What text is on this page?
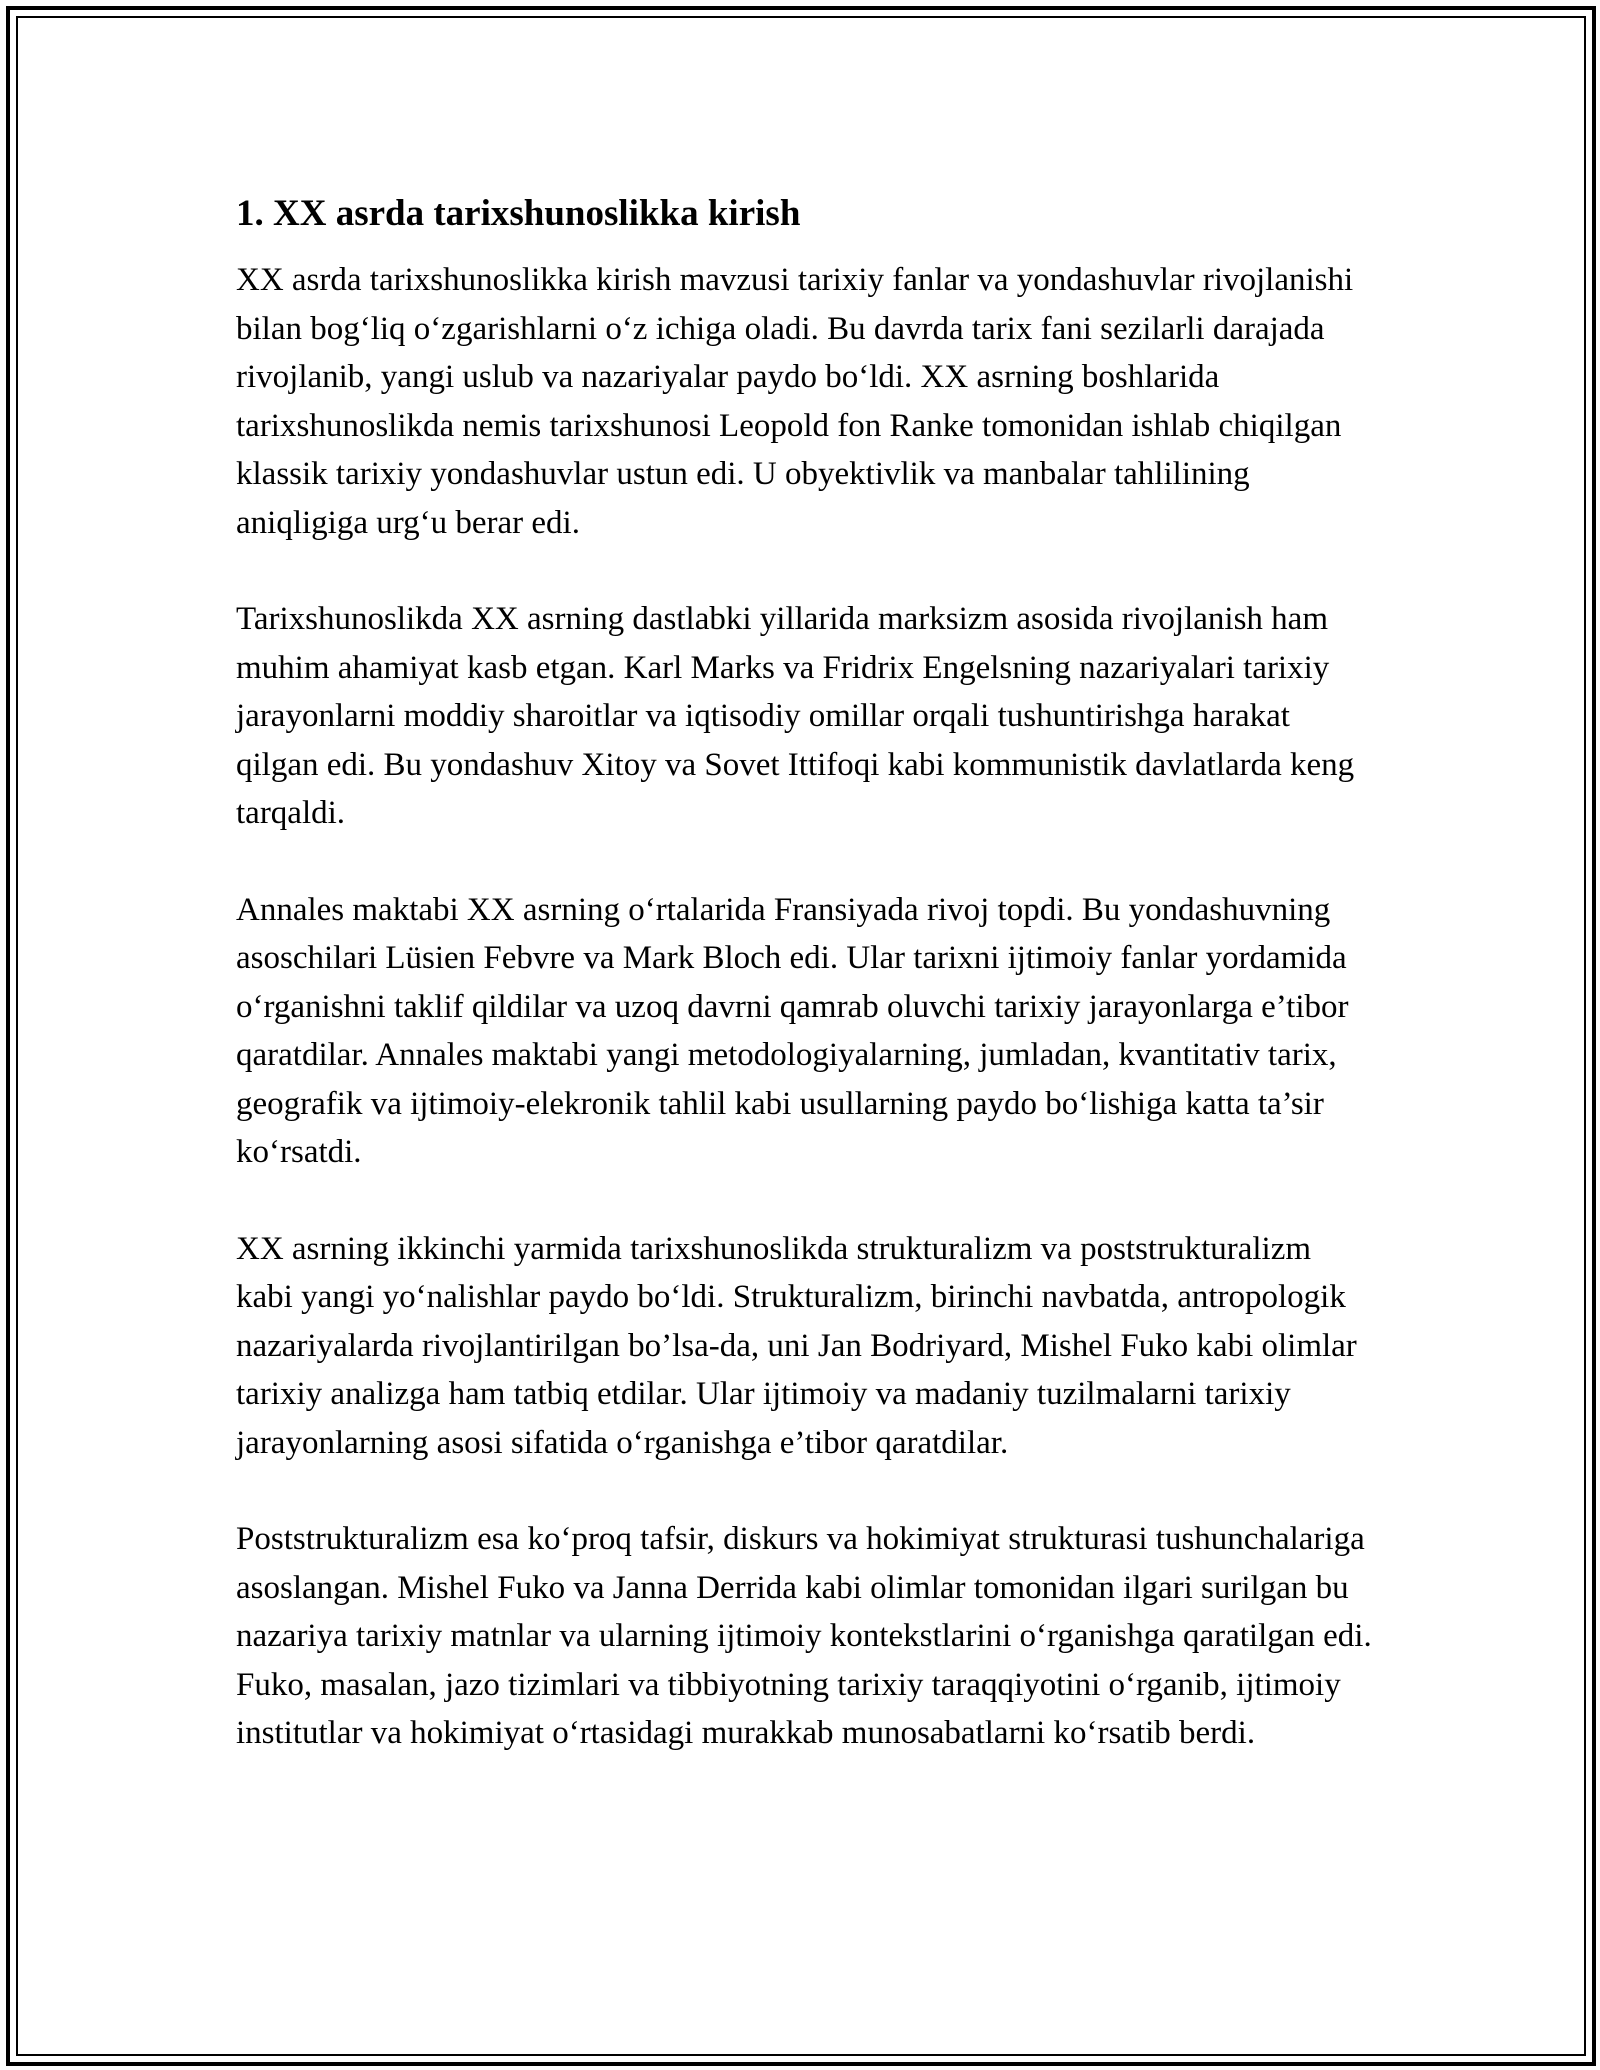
1. XX asrda tarixshunoslikka kirish

XX asrda tarixshunoslikka kirish mavzusi tarixiy fanlar va yondashuvlar rivojlanishi bilan bog‘liq o‘zgarishlarni o‘z ichiga oladi. Bu davrda tarix fani sezilarli darajada rivojlanib, yangi uslub va nazariyalar paydo bo‘ldi. XX asrning boshlarida tarixshunoslikda nemis tarixshunosi Leopold fon Ranke tomonidan ishlab chiqilgan klassik tarixiy yondashuvlar ustun edi. U obyektivlik va manbalar tahlilining aniqligiga urg‘u berar edi.

Tarixshunoslikda XX asrning dastlabki yillarida marksizm asosida rivojlanish ham muhim ahamiyat kasb etgan. Karl Marks va Fridrix Engelsning nazariyalari tarixiy jarayonlarni moddiy sharoitlar va iqtisodiy omillar orqali tushuntirishga harakat qilgan edi. Bu yondashuv Xitoy va Sovet Ittifoqi kabi kommunistik davlatlarda keng tarqaldi.

Annales maktabi XX asrning o‘rtalarida Fransiyada rivoj topdi. Bu yondashuvning asoschilari Lüsien Febvre va Mark Bloch edi. Ular tarixni ijtimoiy fanlar yordamida o‘rganishni taklif qildilar va uzoq davrni qamrab oluvchi tarixiy jarayonlarga e’tibor qaratdilar. Annales maktabi yangi metodologiyalarning, jumladan, kvantitativ tarix, geografik va ijtimoiy-elekronik tahlil kabi usullarning paydo bo‘lishiga katta ta’sir ko‘rsatdi.

XX asrning ikkinchi yarmida tarixshunoslikda strukturalizm va poststrukturalizm kabi yangi yo‘nalishlar paydo bo‘ldi. Strukturalizm, birinchi navbatda, antropologik nazariyalarda rivojlantirilgan bo’lsa-da, uni Jan Bodriyard, Mishel Fuko kabi olimlar tarixiy analizga ham tatbiq etdilar. Ular ijtimoiy va madaniy tuzilmalarni tarixiy jarayonlarning asosi sifatida o‘rganishga e’tibor qaratdilar.

Poststrukturalizm esa ko‘proq tafsir, diskurs va hokimiyat strukturasi tushunchalariga asoslangan. Mishel Fuko va Janna Derrida kabi olimlar tomonidan ilgari surilgan bu nazariya tarixiy matnlar va ularning ijtimoiy kontekstlarini o‘rganishga qaratilgan edi. Fuko, masalan, jazo tizimlari va tibbiyotning tarixiy taraqqiyotini o‘rganib, ijtimoiy institutlar va hokimiyat o‘rtasidagi murakkab munosabatlarni ko‘rsatib berdi.
